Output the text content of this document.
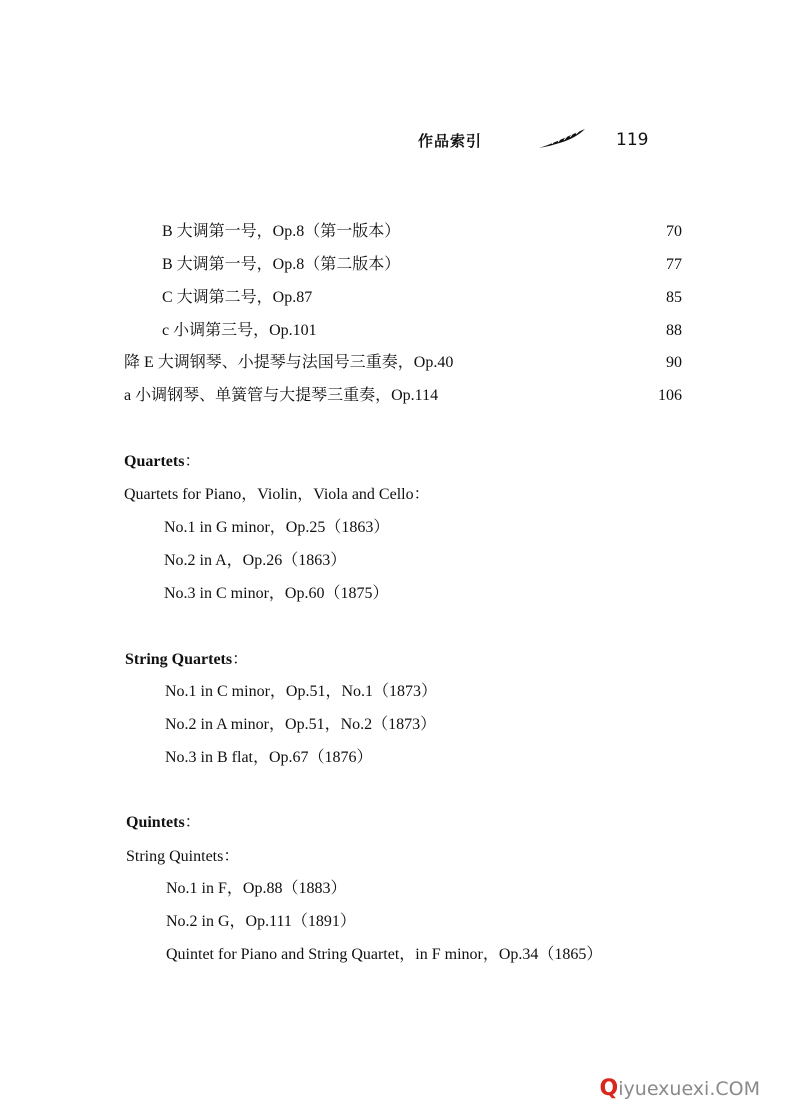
作品索引	119
B 大调第一号，Op.8（第一版本）	70
B 大调第一号，Op.8（第二版本）	77
C 大调第二号，Op.87	85
c 小调第三号，Op.101	88
降 E 大调钢琴、小提琴与法国号三重奏，Op.40	90
a 小调钢琴、单簧管与大提琴三重奏，Op.114	106
Quartets：
Quartets for Piano，Violin，Viola and Cello：
No.1 in G minor，Op.25（1863）
No.2 in A，Op.26（1863）
No.3 in C minor，Op.60（1875）
String Quartets：
No.1 in C minor，Op.51，No.1（1873）
No.2 in A minor，Op.51，No.2（1873）
No.3 in B flat，Op.67（1876）
Quintets：
String Quintets：
No.1 in F，Op.88（1883）
No.2 in G，Op.111（1891）
Quintet for Piano and String Quartet，in F minor，Op.34（1865）
Qiyuexuexi.COM
